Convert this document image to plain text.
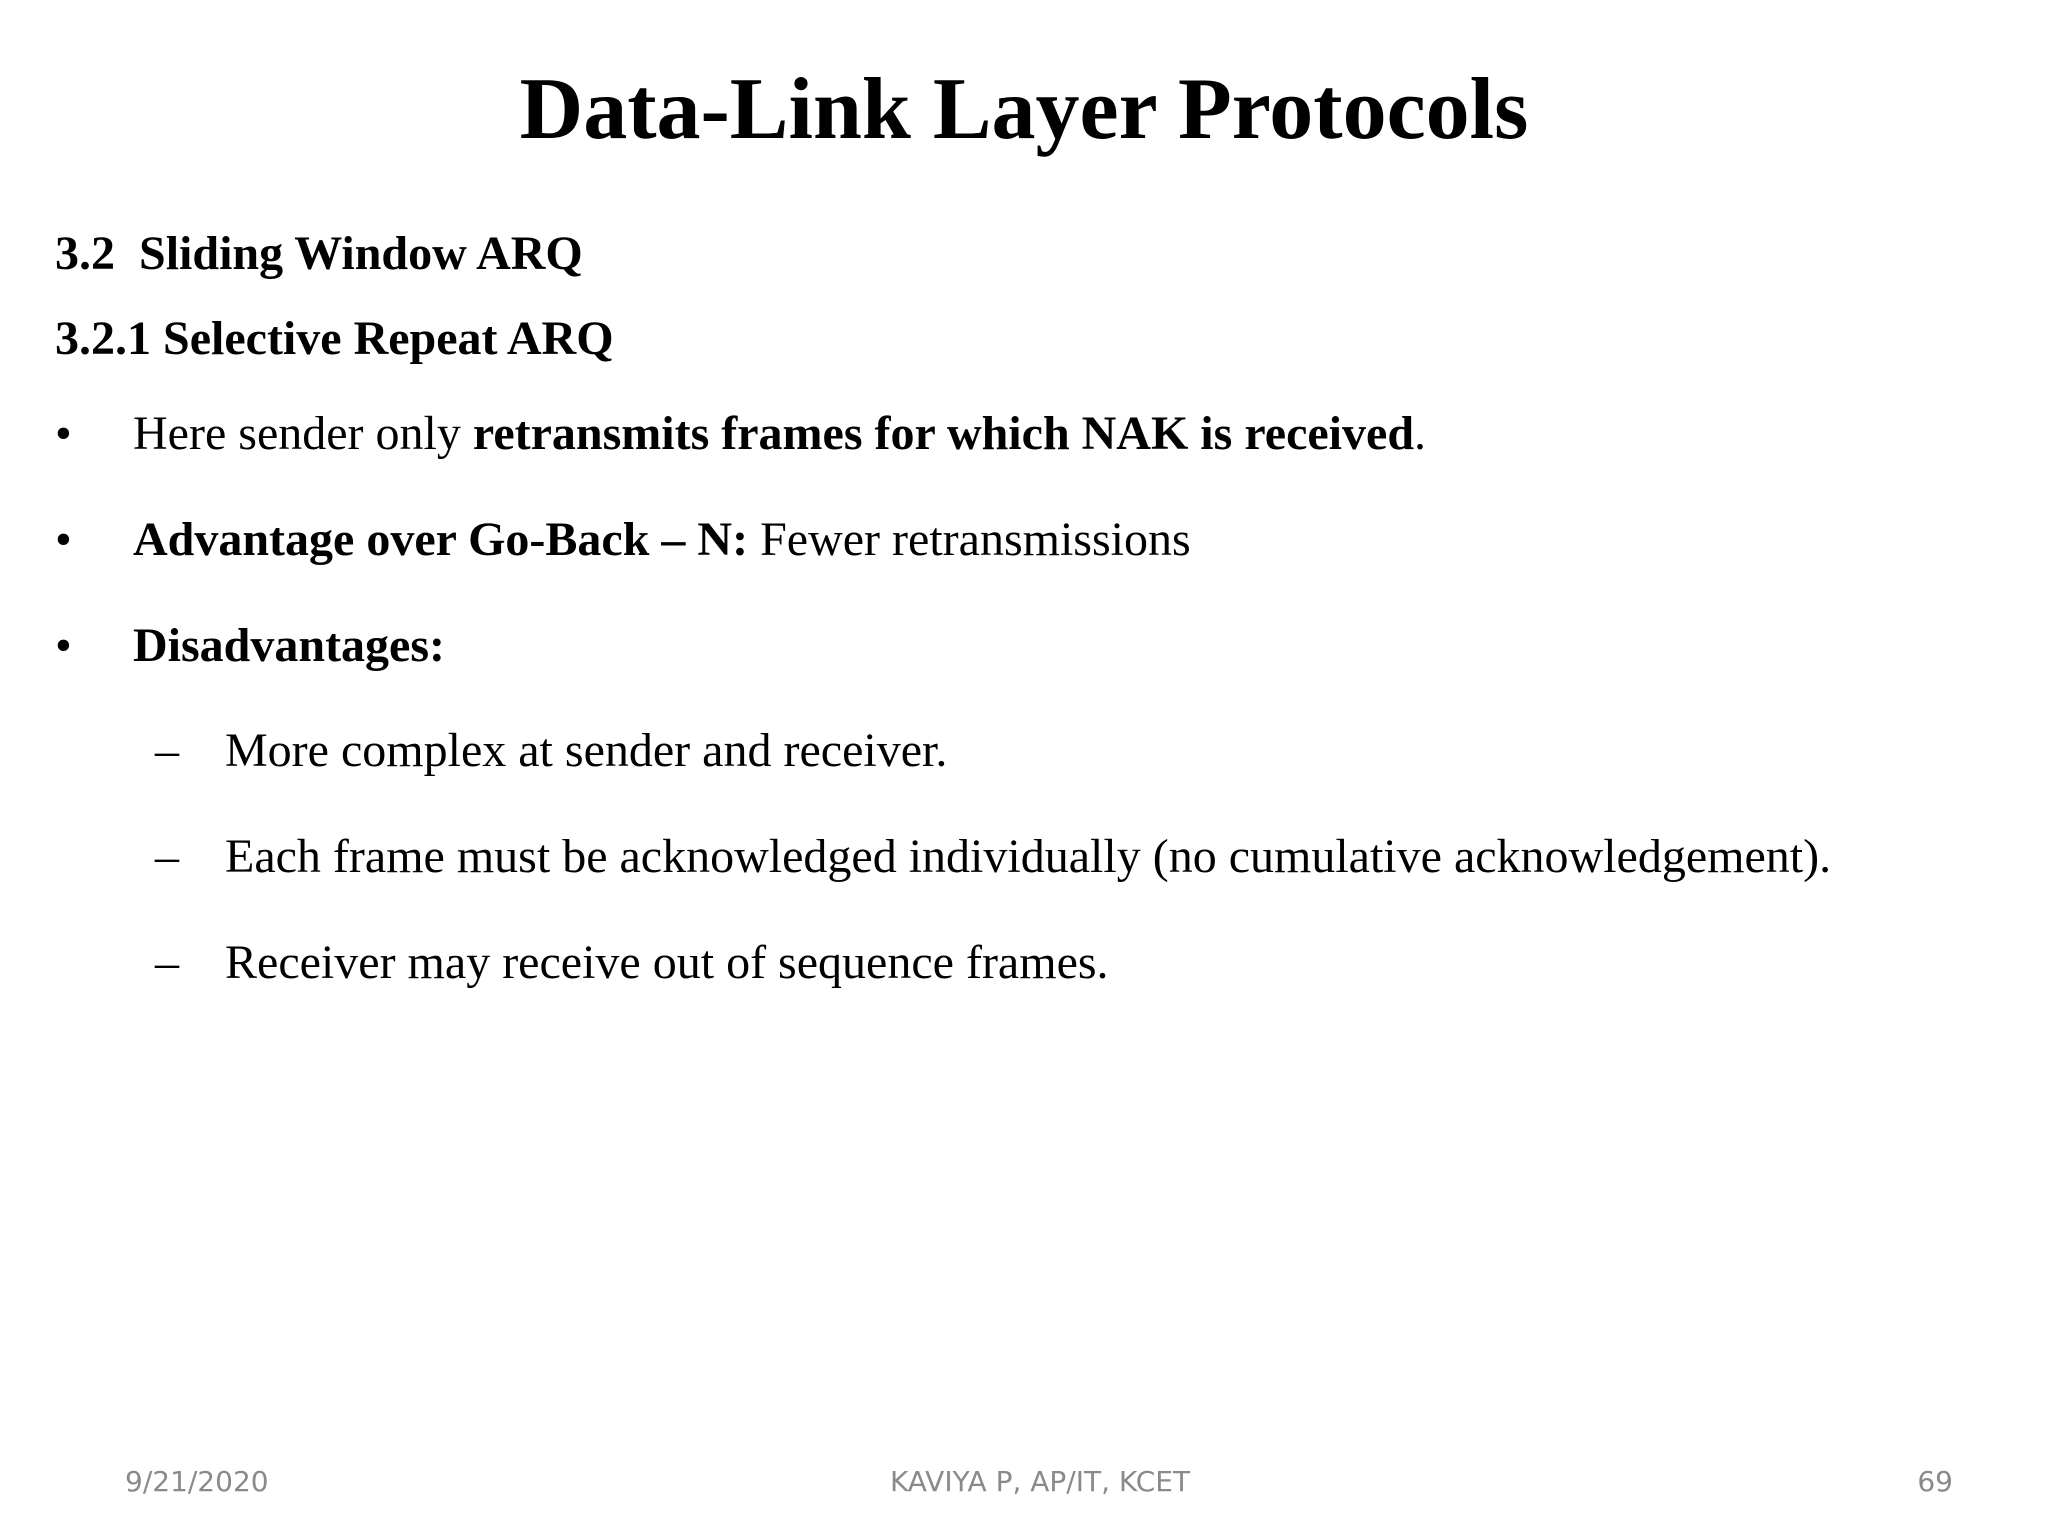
Data-Link Layer Protocols
3.2  Sliding Window ARQ
3.2.1 Selective Repeat ARQ
•	Here sender only retransmits frames for which NAK is received.
•	Advantage over Go-Back – N: Fewer retransmissions
•	Disadvantages:
– More complex at sender and receiver.
– Each frame must be acknowledged individually (no cumulative acknowledgement).
– Receiver may receive out of sequence frames.
9/21/2020	KAVIYA P, AP/IT, KCET	69
